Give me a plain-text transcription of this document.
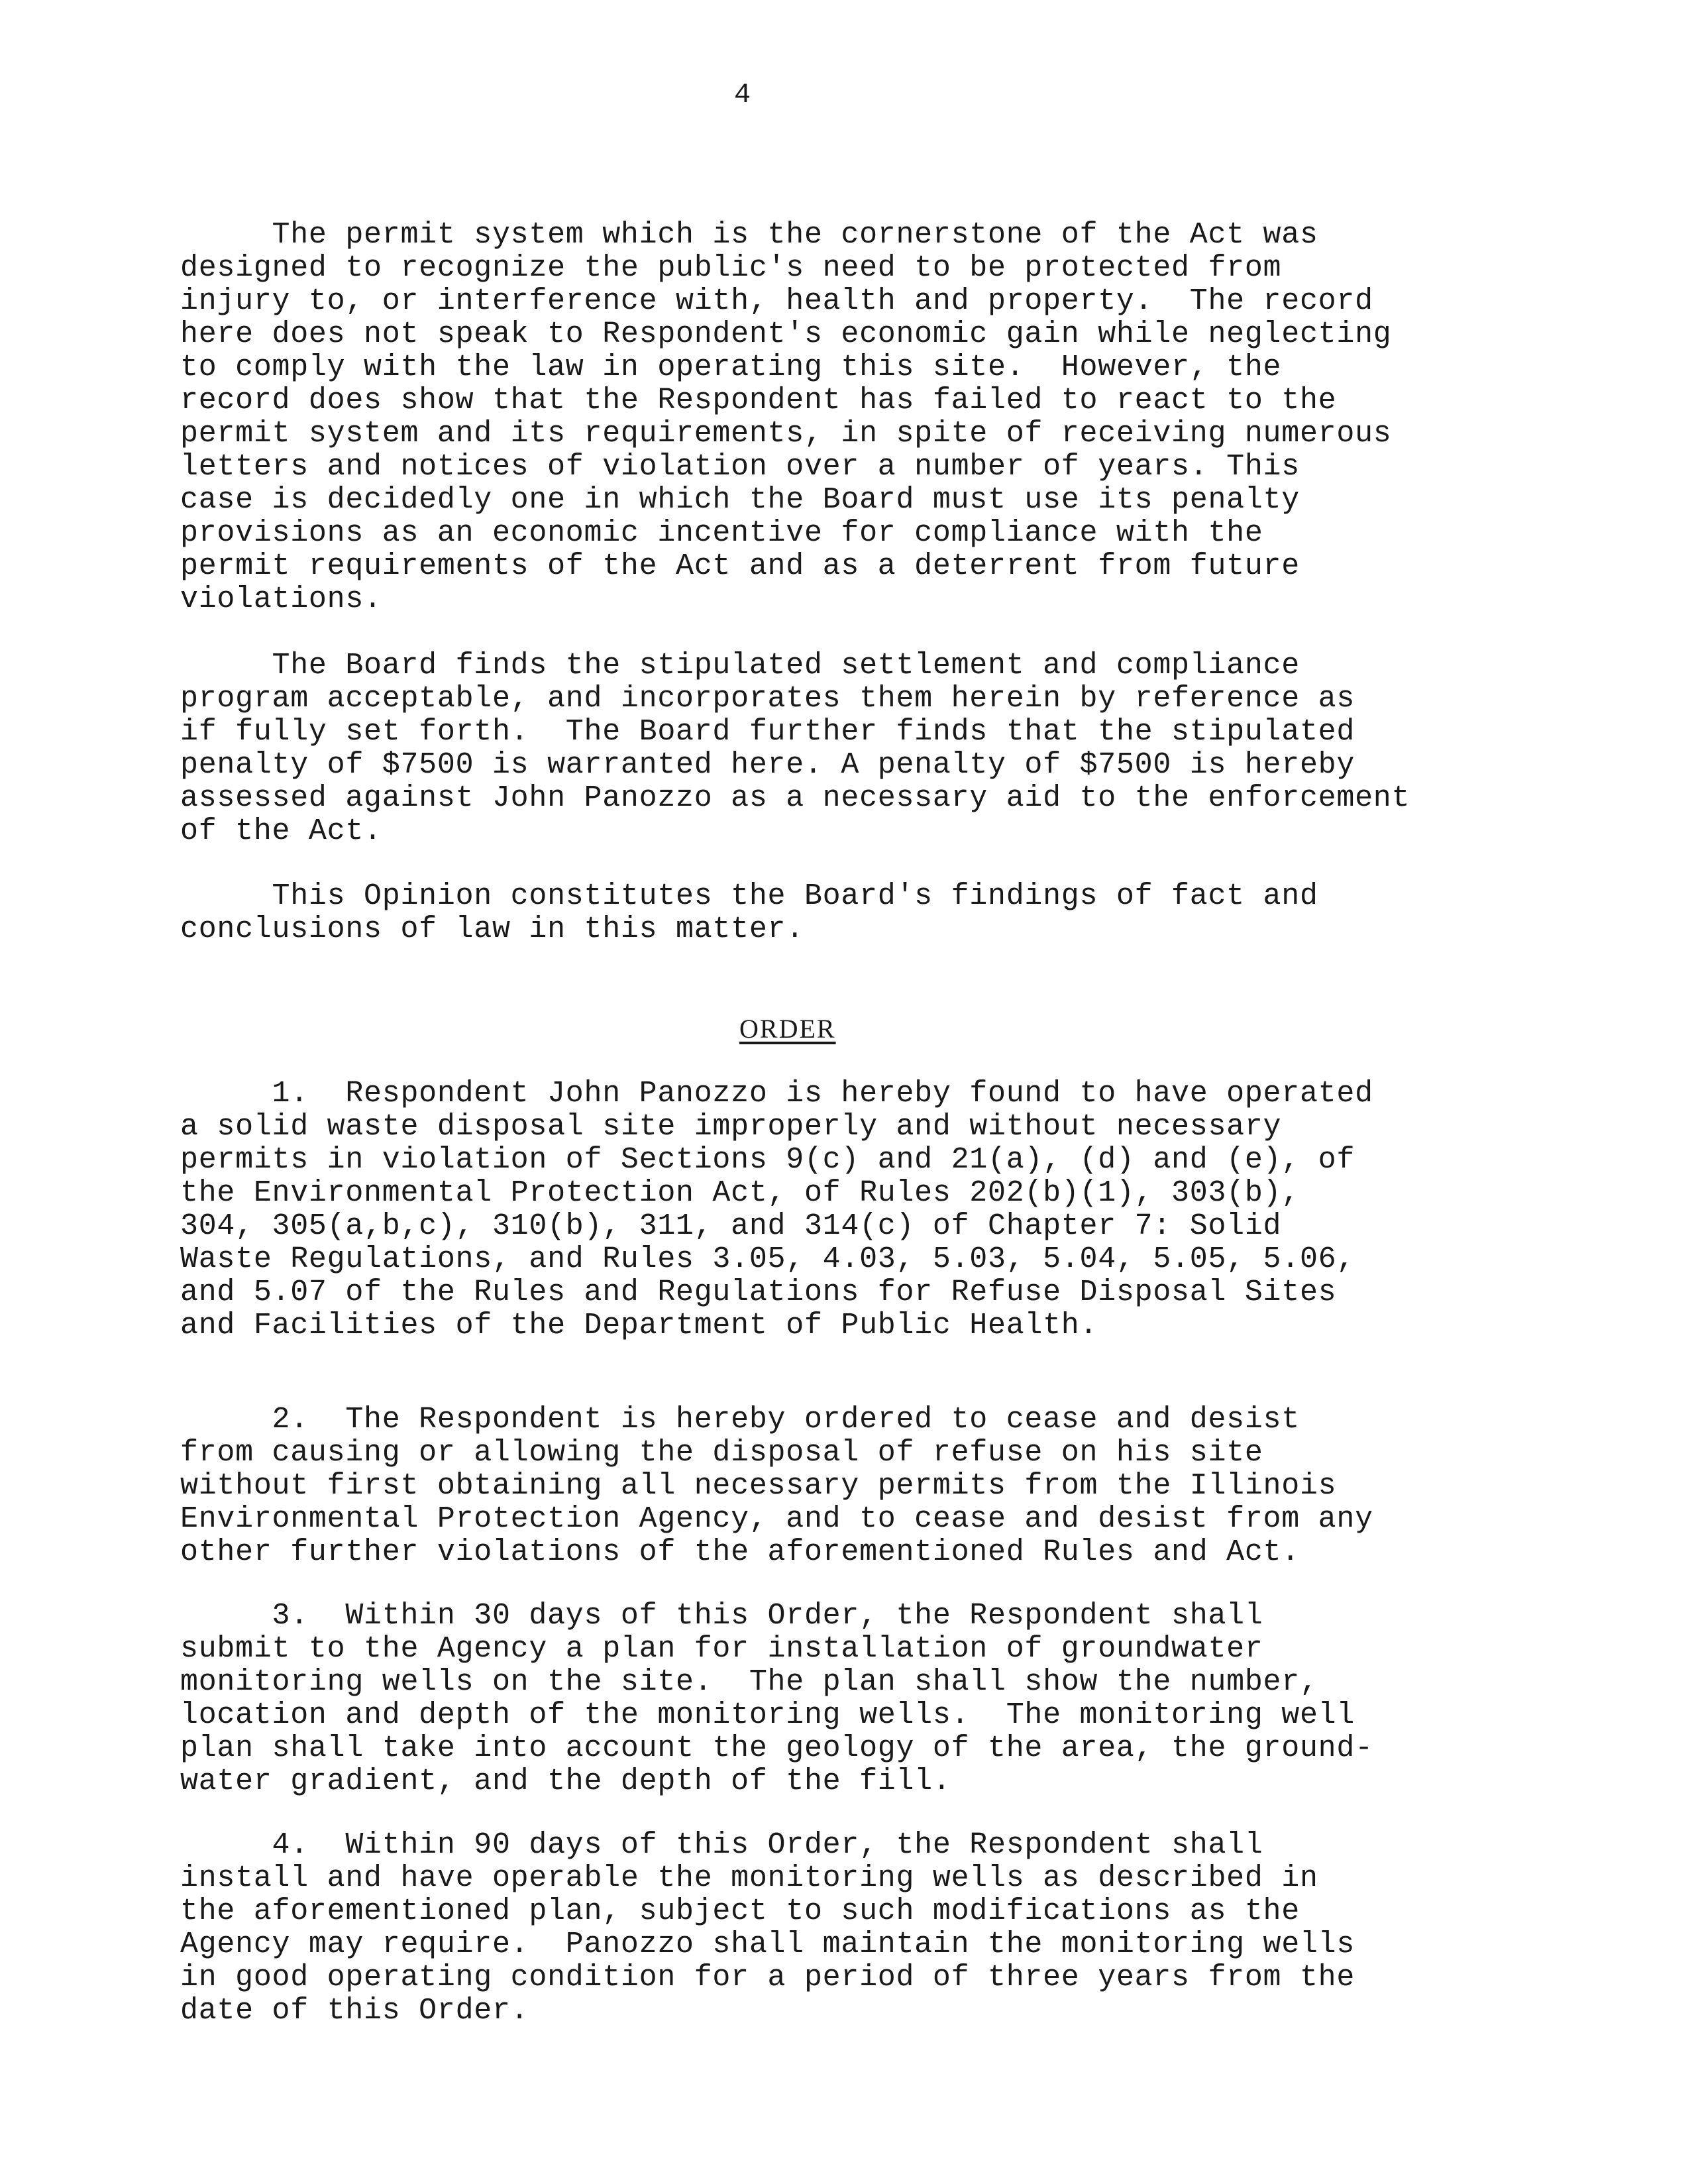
4
The permit system which is the cornerstone of the Act was
designed to recognize the public's need to be protected from
injury to, or interference with, health and property.  The record
here does not speak to Respondent's economic gain while neglecting
to comply with the law in operating this site.  However, the
record does show that the Respondent has failed to react to the
permit system and its requirements, in spite of receiving numerous
letters and notices of violation over a number of years. This
case is decidedly one in which the Board must use its penalty
provisions as an economic incentive for compliance with the
permit requirements of the Act and as a deterrent from future
violations.
The Board finds the stipulated settlement and compliance
program acceptable, and incorporates them herein by reference as
if fully set forth.  The Board further finds that the stipulated
penalty of $7500 is warranted here. A penalty of $7500 is hereby
assessed against John Panozzo as a necessary aid to the enforcement
of the Act.
This Opinion constitutes the Board's findings of fact and
conclusions of law in this matter.
ORDER
1.  Respondent John Panozzo is hereby found to have operated
a solid waste disposal site improperly and without necessary
permits in violation of Sections 9(c) and 21(a), (d) and (e), of
the Environmental Protection Act, of Rules 202(b)(1), 303(b),
304, 305(a,b,c), 310(b), 311, and 314(c) of Chapter 7: Solid
Waste Regulations, and Rules 3.05, 4.03, 5.03, 5.04, 5.05, 5.06,
and 5.07 of the Rules and Regulations for Refuse Disposal Sites
and Facilities of the Department of Public Health.
2.  The Respondent is hereby ordered to cease and desist
from causing or allowing the disposal of refuse on his site
without first obtaining all necessary permits from the Illinois
Environmental Protection Agency, and to cease and desist from any
other further violations of the aforementioned Rules and Act.
3.  Within 30 days of this Order, the Respondent shall
submit to the Agency a plan for installation of groundwater
monitoring wells on the site.  The plan shall show the number,
location and depth of the monitoring wells.  The monitoring well
plan shall take into account the geology of the area, the ground-
water gradient, and the depth of the fill.
4.  Within 90 days of this Order, the Respondent shall
install and have operable the monitoring wells as described in
the aforementioned plan, subject to such modifications as the
Agency may require.  Panozzo shall maintain the monitoring wells
in good operating condition for a period of three years from the
date of this Order.
